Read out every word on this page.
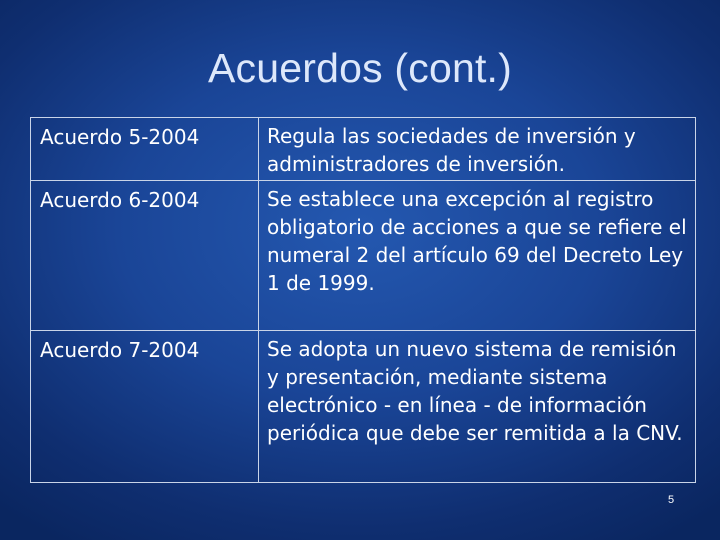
Acuerdos (cont.)
Acuerdo 5-2004	Regula las sociedades de inversión y administradores de inversión.
Acuerdo 6-2004	Se establece una excepción al registro obligatorio de acciones a que se refiere el numeral 2 del artículo 69 del Decreto Ley 1 de 1999.
Acuerdo 7-2004	Se adopta un nuevo sistema de remisión y presentación, mediante sistema electrónico - en línea - de información periódica que debe ser remitida a la CNV.
5
